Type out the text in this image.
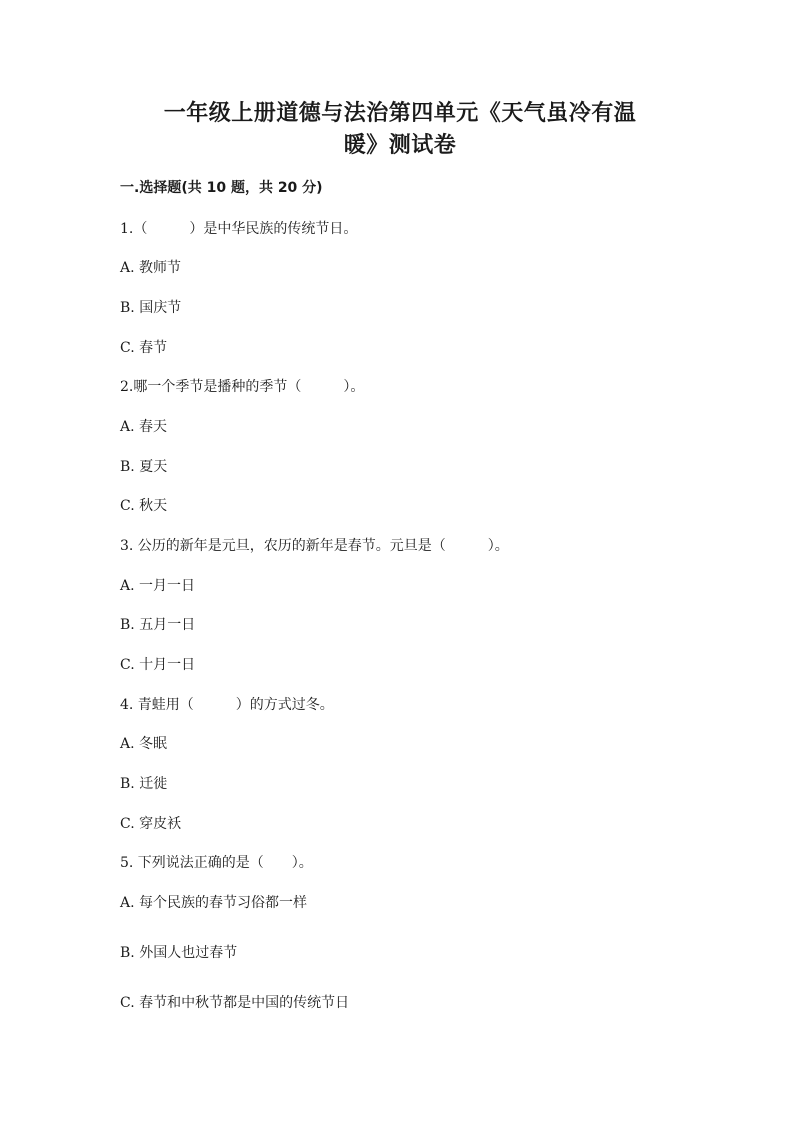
一年级上册道德与法治第四单元《天气虽冷有温
暖》测试卷
一.选择题(共 10 题，共 20 分)
1.（　　　）是中华民族的传统节日。
A. 教师节
B. 国庆节
C. 春节
2.哪一个季节是播种的季节（　　　）。
A. 春天
B. 夏天
C. 秋天
3. 公历的新年是元旦，农历的新年是春节。元旦是（　　　）。
A. 一月一日
B. 五月一日
C. 十月一日
4. 青蛙用（　　　）的方式过冬。
A. 冬眠
B. 迁徙
C. 穿皮袄
5. 下列说法正确的是（　　）。
A. 每个民族的春节习俗都一样
B. 外国人也过春节
C. 春节和中秋节都是中国的传统节日
